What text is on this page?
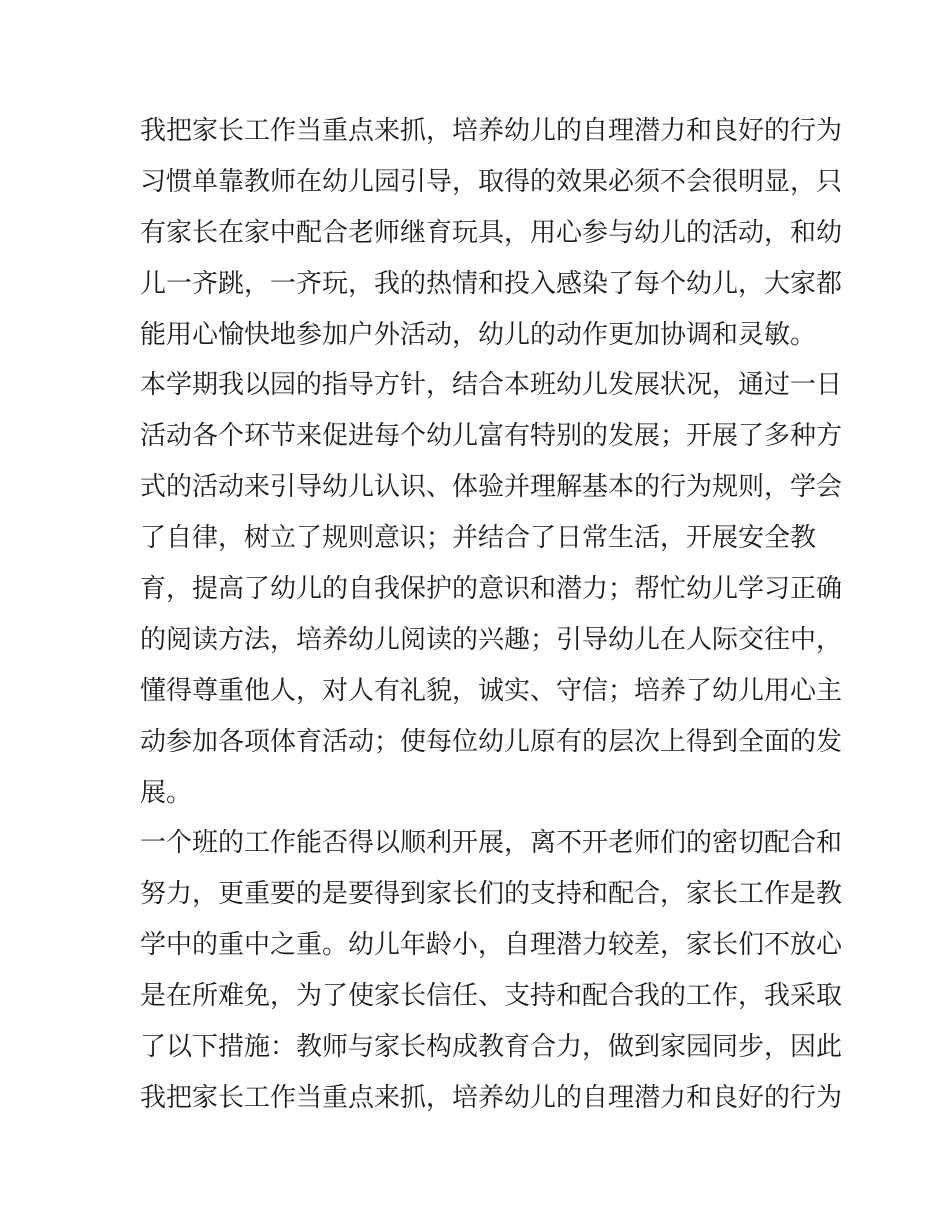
我把家长工作当重点来抓，培养幼儿的自理潜力和良好的行为
习惯单靠教师在幼儿园引导，取得的效果必须不会很明显，只
有家长在家中配合老师继育玩具，用心参与幼儿的活动，和幼
儿一齐跳，一齐玩，我的热情和投入感染了每个幼儿，大家都
能用心愉快地参加户外活动，幼儿的动作更加协调和灵敏。
本学期我以园的指导方针，结合本班幼儿发展状况，通过一日
活动各个环节来促进每个幼儿富有特别的发展；开展了多种方
式的活动来引导幼儿认识、体验并理解基本的行为规则，学会
了自律，树立了规则意识；并结合了日常生活，开展安全教
育，提高了幼儿的自我保护的意识和潜力；帮忙幼儿学习正确
的阅读方法，培养幼儿阅读的兴趣；引导幼儿在人际交往中，
懂得尊重他人，对人有礼貌，诚实、守信；培养了幼儿用心主
动参加各项体育活动；使每位幼儿原有的层次上得到全面的发
展。
一个班的工作能否得以顺利开展，离不开老师们的密切配合和
努力，更重要的是要得到家长们的支持和配合，家长工作是教
学中的重中之重。幼儿年龄小，自理潜力较差，家长们不放心
是在所难免，为了使家长信任、支持和配合我的工作，我采取
了以下措施：教师与家长构成教育合力，做到家园同步，因此
我把家长工作当重点来抓，培养幼儿的自理潜力和良好的行为
